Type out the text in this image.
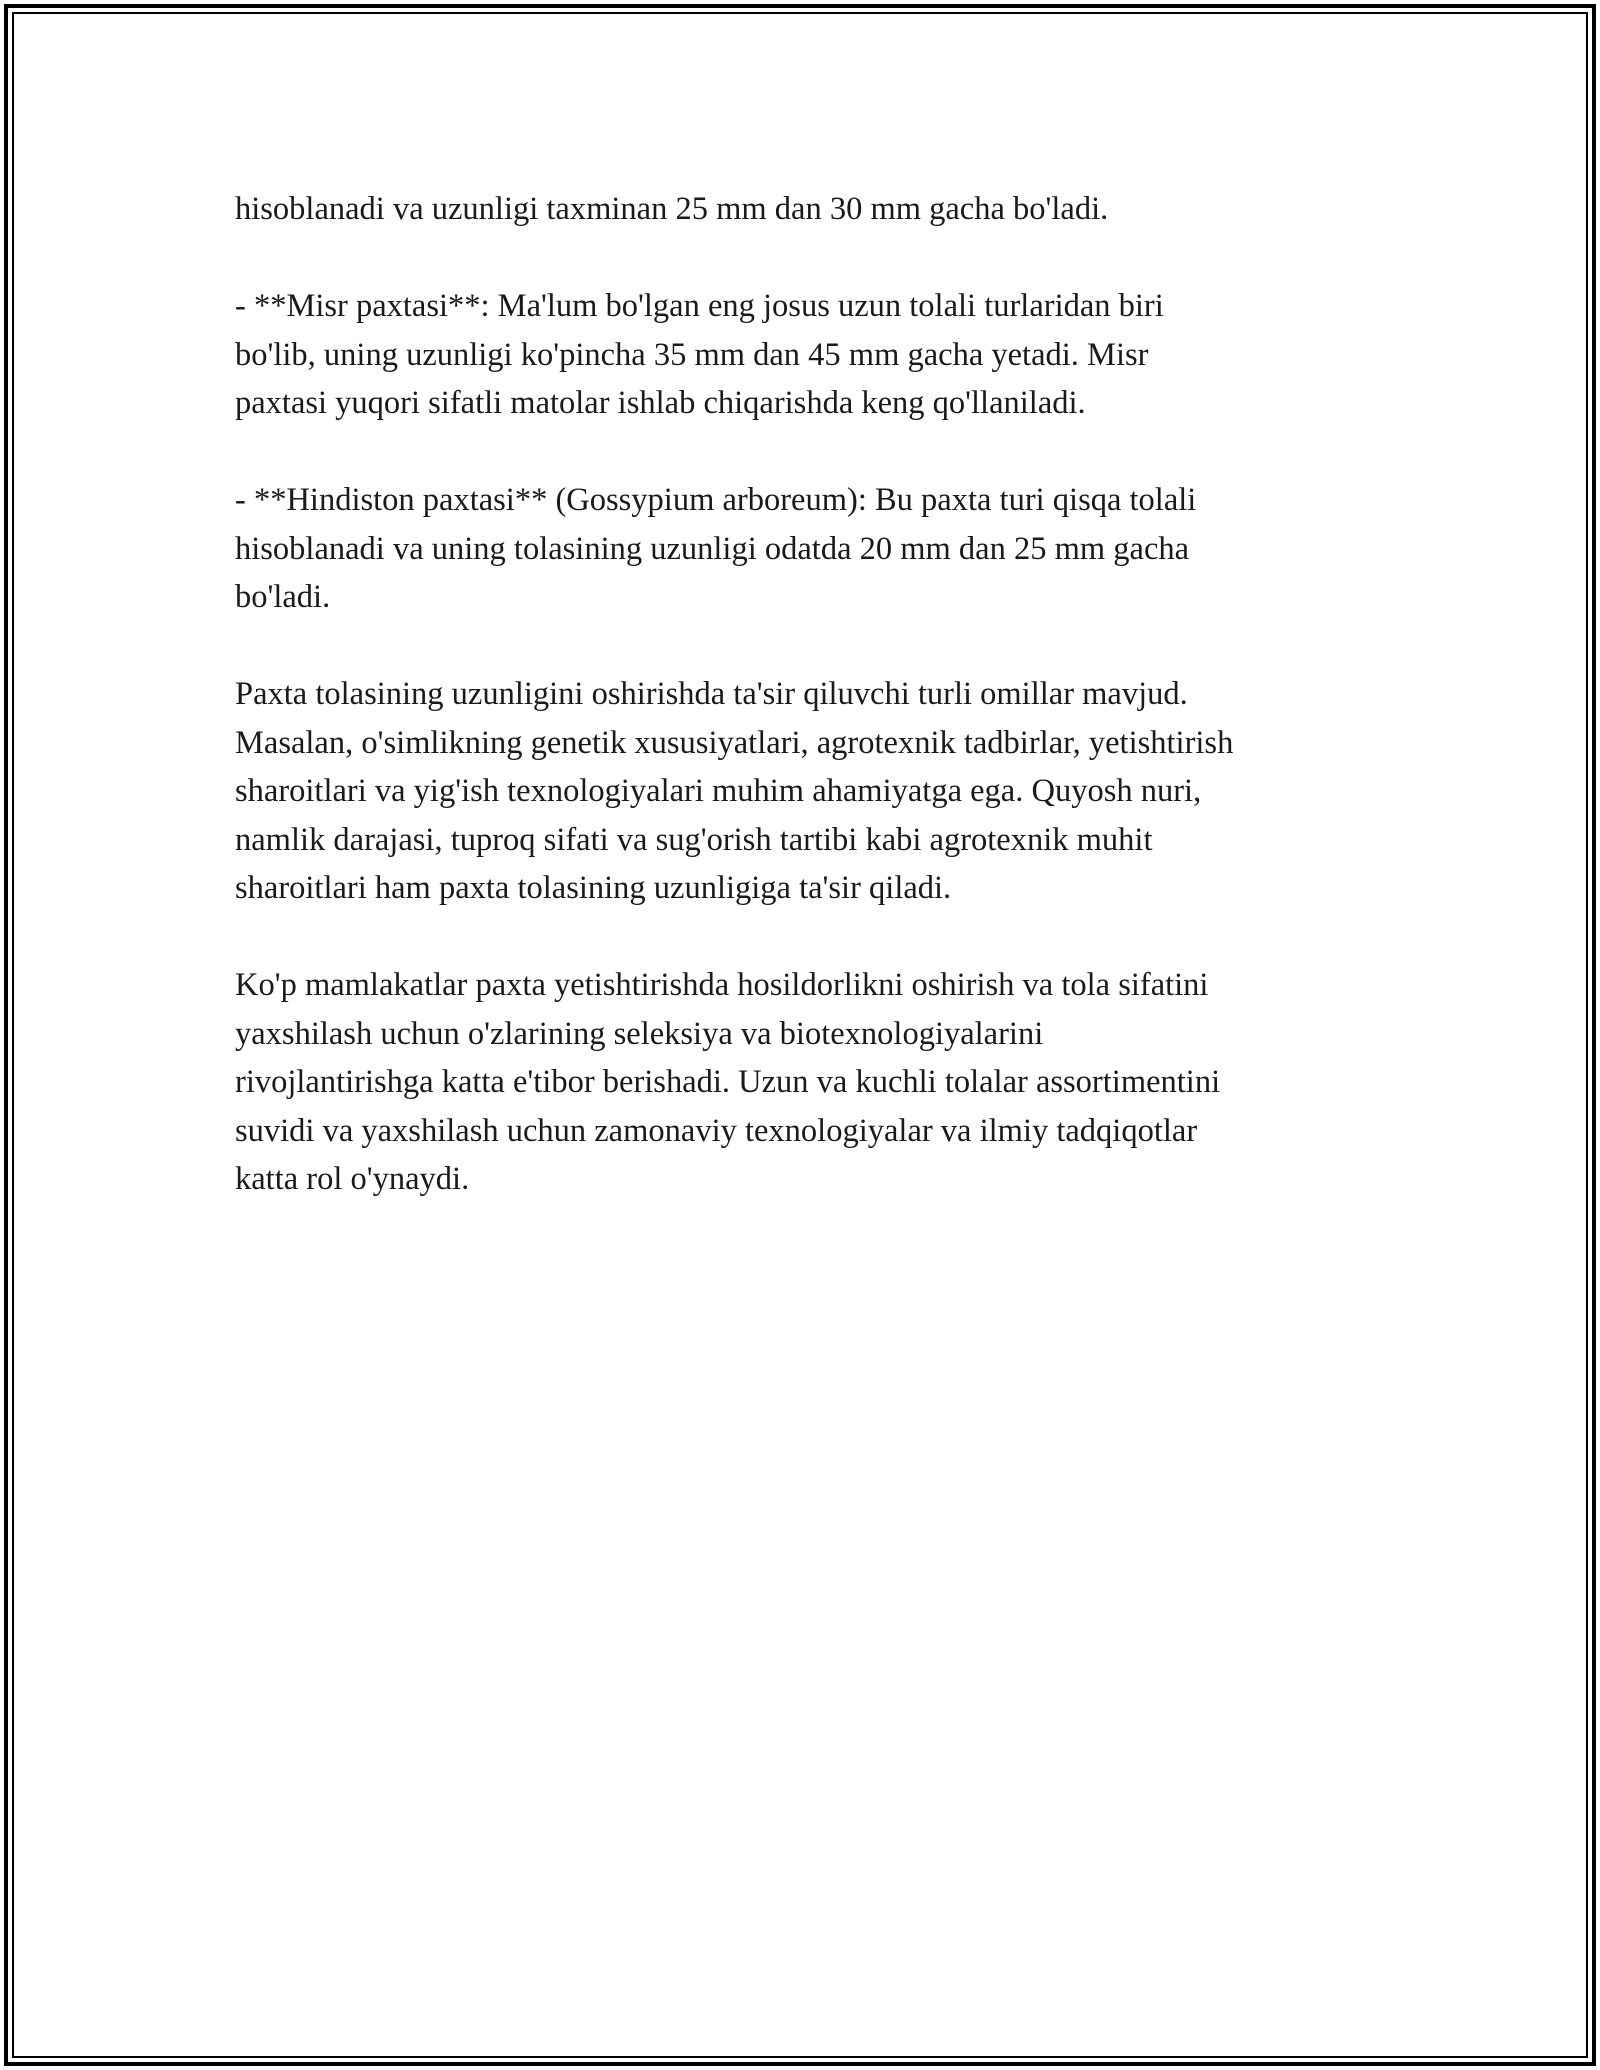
hisoblanadi va uzunligi taxminan 25 mm dan 30 mm gacha bo'ladi.

- **Misr paxtasi**: Ma'lum bo'lgan eng josus uzun tolali turlaridan biri
bo'lib, uning uzunligi ko'pincha 35 mm dan 45 mm gacha yetadi. Misr
paxtasi yuqori sifatli matolar ishlab chiqarishda keng qo'llaniladi.

- **Hindiston paxtasi** (Gossypium arboreum): Bu paxta turi qisqa tolali
hisoblanadi va uning tolasining uzunligi odatda 20 mm dan 25 mm gacha
bo'ladi.

Paxta tolasining uzunligini oshirishda ta'sir qiluvchi turli omillar mavjud.
Masalan, o'simlikning genetik xususiyatlari, agrotexnik tadbirlar, yetishtirish
sharoitlari va yig'ish texnologiyalari muhim ahamiyatga ega. Quyosh nuri,
namlik darajasi, tuproq sifati va sug'orish tartibi kabi agrotexnik muhit
sharoitlari ham paxta tolasining uzunligiga ta'sir qiladi.

Ko'p mamlakatlar paxta yetishtirishda hosildorlikni oshirish va tola sifatini
yaxshilash uchun o'zlarining seleksiya va biotexnologiyalarini
rivojlantirishga katta e'tibor berishadi. Uzun va kuchli tolalar assortimentini
suvidi va yaxshilash uchun zamonaviy texnologiyalar va ilmiy tadqiqotlar
katta rol o'ynaydi.
